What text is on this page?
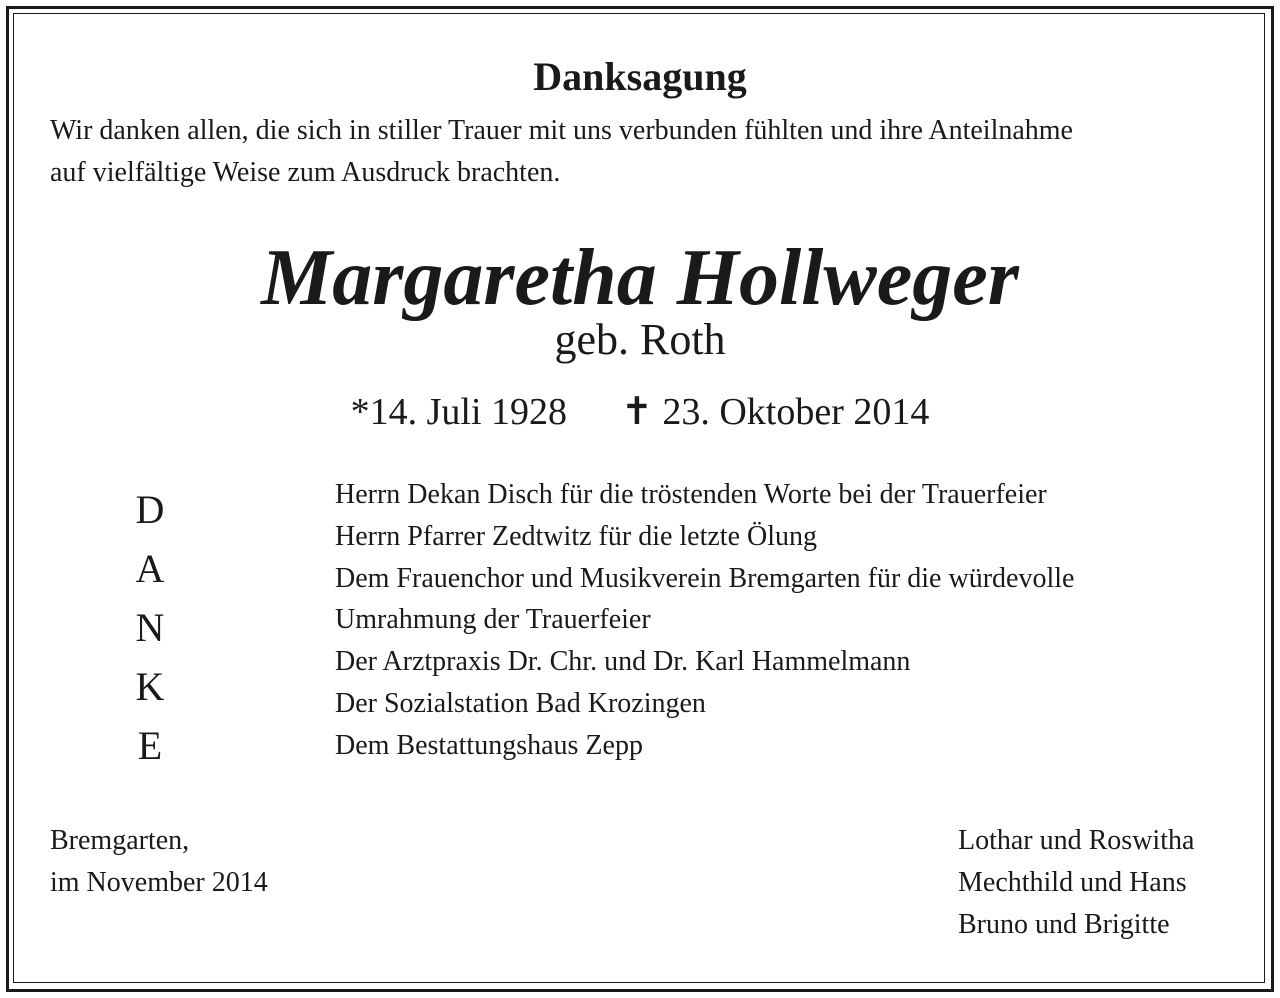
Danksagung
Wir danken allen, die sich in stiller Trauer mit uns verbunden fühlten und ihre Anteilnahme
auf vielfältige Weise zum Ausdruck brachten.
Margaretha Hollweger
geb. Roth
*14. Juli 1928 ✝ 23. Oktober 2014
D
A
N
K
E
Herrn Dekan Disch für die tröstenden Worte bei der Trauerfeier
Herrn Pfarrer Zedtwitz für die letzte Ölung
Dem Frauenchor und Musikverein Bremgarten für die würdevolle
Umrahmung der Trauerfeier
Der Arztpraxis Dr. Chr. und Dr. Karl Hammelmann
Der Sozialstation Bad Krozingen
Dem Bestattungshaus Zepp
Bremgarten,
im November 2014
Lothar und Roswitha
Mechthild und Hans
Bruno und Brigitte
